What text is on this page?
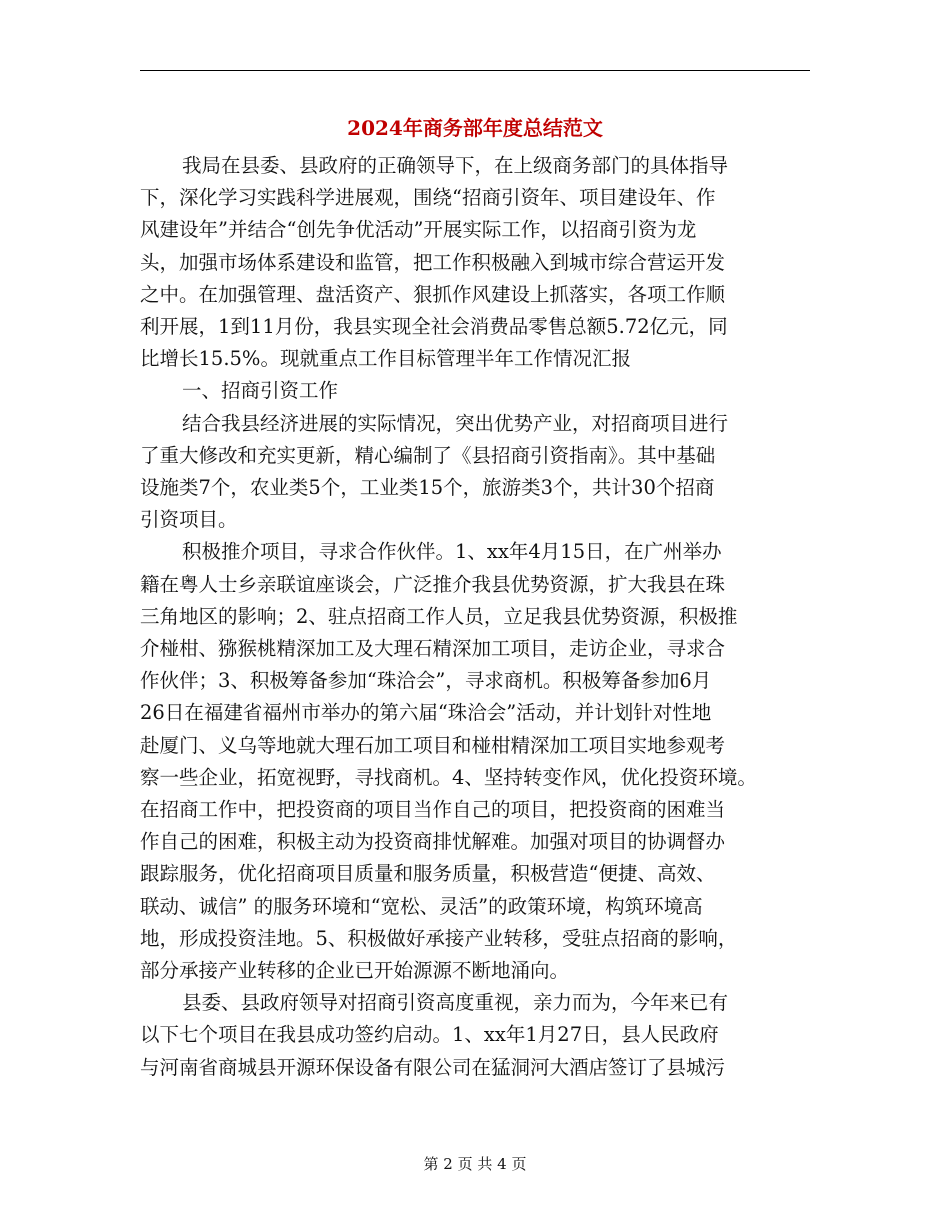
2024年商务部年度总结范文

我局在县委、县政府的正确领导下，在上级商务部门的具体指导

下，深化学习实践科学进展观，围绕“招商引资年、项目建设年、作

风建设年”并结合“创先争优活动”开展实际工作，以招商引资为龙

头，加强市场体系建设和监管，把工作积极融入到城市综合营运开发

之中。在加强管理、盘活资产、狠抓作风建设上抓落实，各项工作顺

利开展，1到11月份，我县实现全社会消费品零售总额5.72亿元，同

比增长15.5%。现就重点工作目标管理半年工作情况汇报

一、招商引资工作

结合我县经济进展的实际情况，突出优势产业，对招商项目进行

了重大修改和充实更新，精心编制了《县招商引资指南》。其中基础

设施类7个，农业类5个，工业类15个，旅游类3个，共计30个招商

引资项目。

积极推介项目，寻求合作伙伴。1、xx年4月15日，在广州举办

籍在粤人士乡亲联谊座谈会，广泛推介我县优势资源，扩大我县在珠

三角地区的影响；2、驻点招商工作人员，立足我县优势资源，积极推

介椪柑、猕猴桃精深加工及大理石精深加工项目，走访企业，寻求合

作伙伴；3、积极筹备参加“珠洽会”，寻求商机。积极筹备参加6月

26日在福建省福州市举办的第六届“珠洽会”活动，并计划针对性地

赴厦门、义乌等地就大理石加工项目和椪柑精深加工项目实地参观考

察一些企业，拓宽视野，寻找商机。4、坚持转变作风，优化投资环境。

在招商工作中，把投资商的项目当作自己的项目，把投资商的困难当

作自己的困难，积极主动为投资商排忧解难。加强对项目的协调督办

跟踪服务，优化招商项目质量和服务质量，积极营造“便捷、高效、

联动、诚信” 的服务环境和“宽松、灵活”的政策环境，构筑环境高

地，形成投资洼地。5、积极做好承接产业转移，受驻点招商的影响，

部分承接产业转移的企业已开始源源不断地涌向。

县委、县政府领导对招商引资高度重视，亲力而为，今年来已有

以下七个项目在我县成功签约启动。1、xx年1月27日，县人民政府

与河南省商城县开源环保设备有限公司在猛洞河大酒店签订了县城污

第 2 页 共 4 页
